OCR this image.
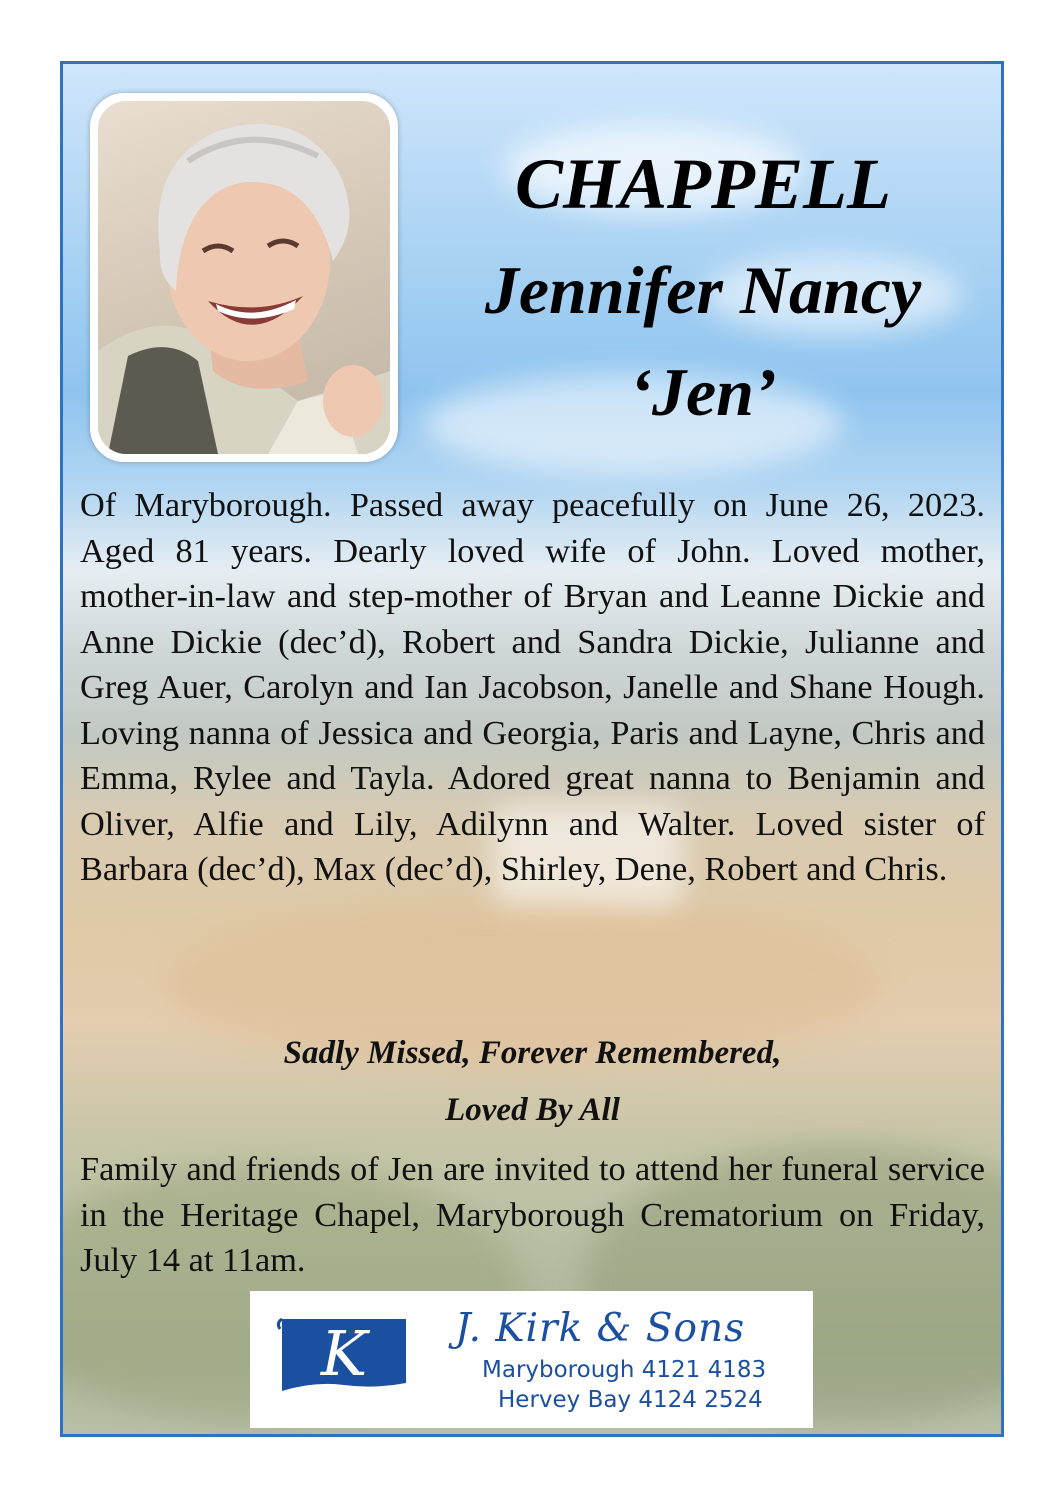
CHAPPELL
Jennifer Nancy
‘Jen’

Of Maryborough. Passed away peacefully on June 26, 2023. Aged 81 years. Dearly loved wife of John. Loved mother, mother-in-law and step-mother of Bryan and Leanne Dickie and Anne Dickie (dec’d), Robert and Sandra Dickie, Julianne and Greg Auer, Carolyn and Ian Jacobson, Janelle and Shane Hough. Loving nanna of Jessica and Georgia, Paris and Layne, Chris and Emma, Rylee and Tayla. Adored great nanna to Benjamin and Oliver, Alfie and Lily, Adilynn and Walter. Loved sister of Barbara (dec’d), Max (dec’d), Shirley, Dene, Robert and Chris.

Sadly Missed, Forever Remembered,

Loved By All

Family and friends of Jen are invited to attend her funeral service in the Heritage Chapel, Maryborough Crematorium on Friday, July 14 at 11am.

K J. Kirk & Sons
Maryborough 4121 4183
Hervey Bay 4124 2524
